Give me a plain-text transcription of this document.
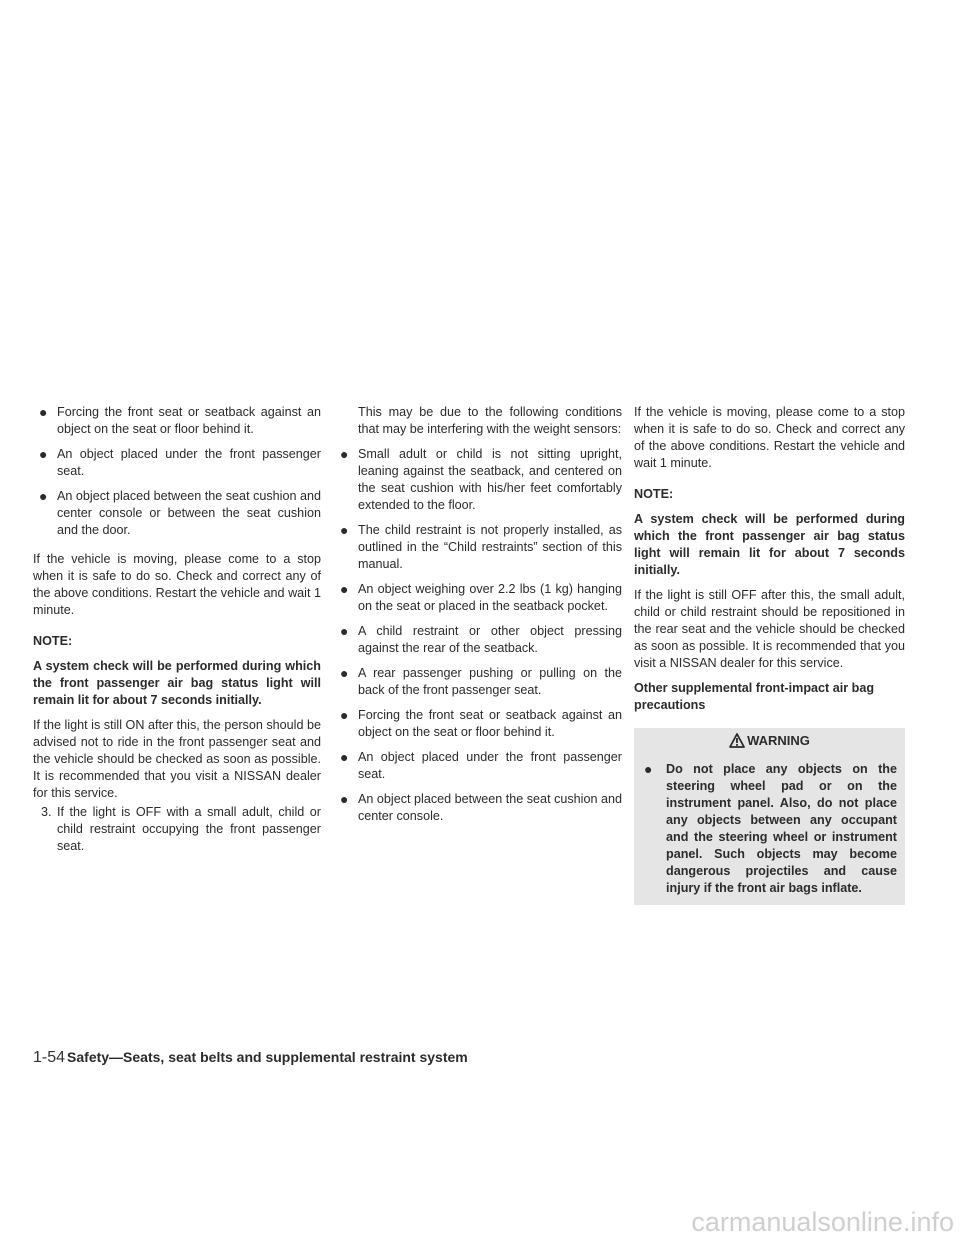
● Forcing the front seat or seatback against an object on the seat or floor behind it.
● An object placed under the front passenger seat.
● An object placed between the seat cushion and center console or between the seat cushion and the door.

If the vehicle is moving, please come to a stop when it is safe to do so. Check and correct any of the above conditions. Restart the vehicle and wait 1 minute.

NOTE:
A system check will be performed during which the front passenger air bag status light will remain lit for about 7 seconds initially.

If the light is still ON after this, the person should be advised not to ride in the front passenger seat and the vehicle should be checked as soon as possible. It is recommended that you visit a NISSAN dealer for this service.

3. If the light is OFF with a small adult, child or child restraint occupying the front passenger seat.
This may be due to the following conditions that may be interfering with the weight sensors:
● Small adult or child is not sitting upright, leaning against the seatback, and centered on the seat cushion with his/her feet comfortably extended to the floor.
● The child restraint is not properly installed, as outlined in the “Child restraints” section of this manual.
● An object weighing over 2.2 lbs (1 kg) hanging on the seat or placed in the seatback pocket.
● A child restraint or other object pressing against the rear of the seatback.
● A rear passenger pushing or pulling on the back of the front passenger seat.
● Forcing the front seat or seatback against an object on the seat or floor behind it.
● An object placed under the front passenger seat.
● An object placed between the seat cushion and center console.

If the vehicle is moving, please come to a stop when it is safe to do so. Check and correct any of the above conditions. Restart the vehicle and wait 1 minute.

NOTE:
A system check will be performed during which the front passenger air bag status light will remain lit for about 7 seconds initially.

If the light is still OFF after this, the small adult, child or child restraint should be repositioned in the rear seat and the vehicle should be checked as soon as possible. It is recommended that you visit a NISSAN dealer for this service.

Other supplemental front-impact air bag precautions
WARNING
● Do not place any objects on the steering wheel pad or on the instrument panel. Also, do not place any objects between any occupant and the steering wheel or instrument panel. Such objects may become dangerous projectiles and cause injury if the front air bags inflate.
1-54 Safety—Seats, seat belts and supplemental restraint system
carmanualsonline.info
